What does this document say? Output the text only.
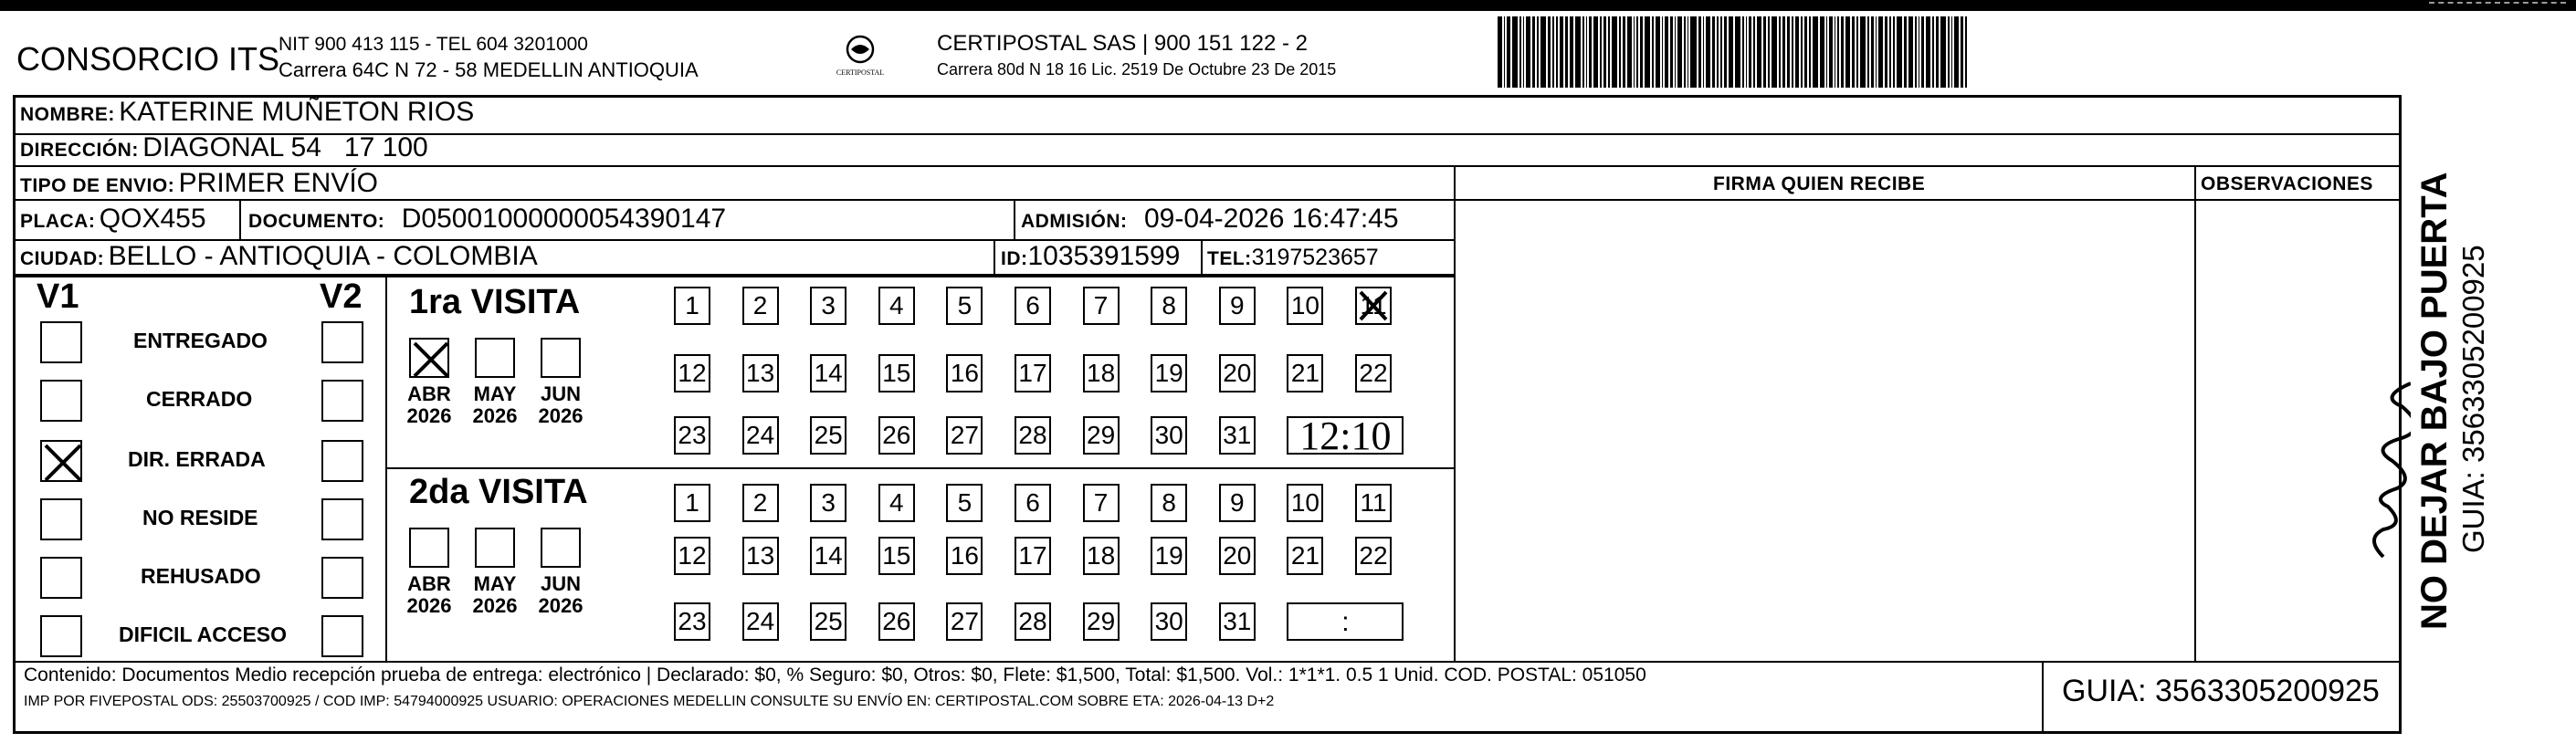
CONSORCIO ITS
NIT 900 413 115 - TEL 604 3201000
Carrera 64C N 72 - 58 MEDELLIN ANTIOQUIA	CERTIPOSTAL
CERTIPOSTAL SAS | 900 151 122 - 2
Carrera 80d N 18 16 Lic. 2519 De Octubre 23 De 2015
NOMBRE: KATERINE MUÑETON RIOS
DIRECCIÓN: DIAGONAL 54   17 100
TIPO DE ENVIO: PRIMER ENVÍO	FIRMA QUIEN RECIBE	OBSERVACIONES
PLACA: QOX455 DOCUMENTO: D05001000000054390147	ADMISIÓN: 09-04-2026 16:47:45
CIUDAD: BELLO - ANTIOQUIA - COLOMBIA	ID:1035391599 TEL:3197523657
V1	V2
ENTREGADO
CERRADO
DIR. ERRADA
NO RESIDE
REHUSADO
DIFICIL ACCESO
1ra VISITA
2da VISITA
ABR
2026
MAY
2026
JUN
2026
ABR
2026
MAY
2026
JUN
2026
1	2	3	4	5	6	7	8	9	10 11
12 13 14 15 16 17 18 19 20 21 22
23 24 25 26 27 28 29 30 31	12:10
1	2	3	4	5	6	7	8	9	10 11
12 13 14 15 16 17 18 19 20 21 22
23 24 25 26 27 28 29 30 31	:	NO DEJAR BAJO PUERTA GUIA: 3563305200925
Contenido: Documentos Medio recepción prueba de entrega: electrónico | Declarado: $0, % Seguro: $0, Otros: $0, Flete: $1,500, Total: $1,500. Vol.: 1*1*1. 0.5 1 Unid. COD. POSTAL: 051050
IMP POR FIVEPOSTAL ODS: 25503700925 / COD IMP: 54794000925 USUARIO: OPERACIONES MEDELLIN CONSULTE SU ENVÍO EN: CERTIPOSTAL.COM SOBRE ETA: 2026-04-13 D+2	GUIA: 3563305200925
